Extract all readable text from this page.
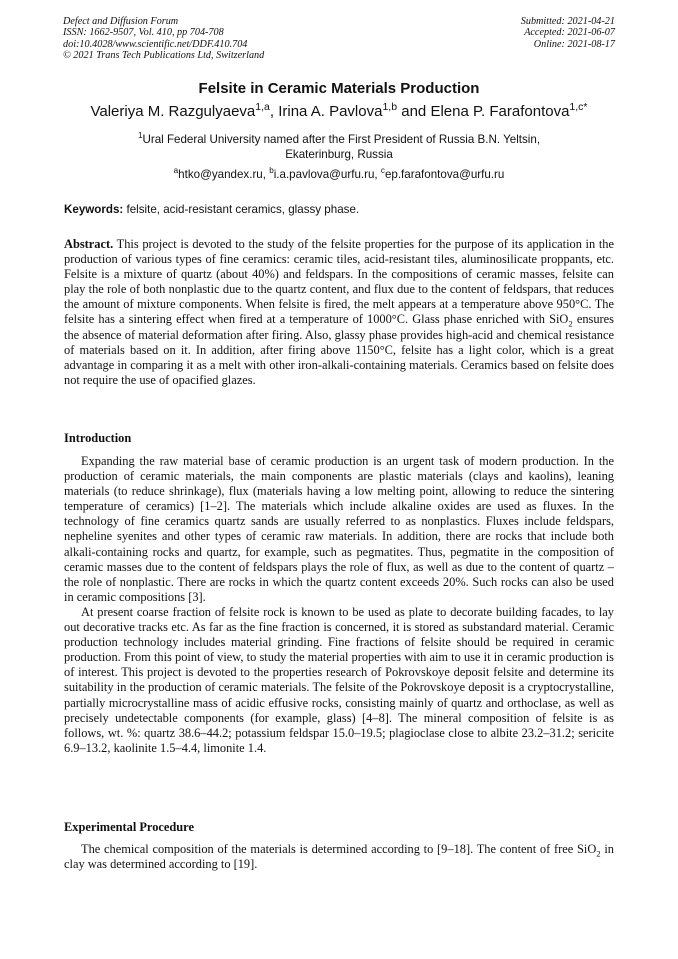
Defect and Diffusion Forum
ISSN: 1662-9507, Vol. 410, pp 704-708
doi:10.4028/www.scientific.net/DDF.410.704
© 2021 Trans Tech Publications Ltd, Switzerland
Submitted: 2021-04-21
Accepted: 2021-06-07
Online: 2021-08-17
Felsite in Ceramic Materials Production
Valeriya M. Razgulyaeva$^{1,a}$, Irina A. Pavlova$^{1,b}$ and Elena P. Farafontova$^{1,c*}$
$^1$Ural Federal University named after the First President of Russia B.N. Yeltsin,
Ekaterinburg, Russia
$^a$htko@yandex.ru, $^b$i.a.pavlova@urfu.ru, $^c$ep.farafontova@urfu.ru
Keywords: felsite, acid-resistant ceramics, glassy phase.
Abstract. This project is devoted to the study of the felsite properties for the purpose of its application in the production of various types of fine ceramics: ceramic tiles, acid-resistant tiles, aluminosilicate proppants, etc. Felsite is a mixture of quartz (about 40%) and feldspars. In the compositions of ceramic masses, felsite can play the role of both nonplastic due to the quartz content, and flux due to the content of feldspars, that reduces the amount of mixture components. When felsite is fired, the melt appears at a temperature above 950°C. The felsite has a sintering effect when fired at a temperature of 1000°C. Glass phase enriched with SiO$_2$ ensures the absence of material deformation after firing. Also, glassy phase provides high-acid and chemical resistance of materials based on it. In addition, after firing above 1150°C, felsite has a light color, which is a great advantage in comparing it as a melt with other iron-alkali-containing materials. Ceramics based on felsite does not require the use of opacified glazes.
Introduction

Expanding the raw material base of ceramic production is an urgent task of modern production. In the production of ceramic materials, the main components are plastic materials (clays and kaolins), leaning materials (to reduce shrinkage), flux (materials having a low melting point, allowing to reduce the sintering temperature of ceramics) [1–2]. The materials which include alkaline oxides are used as fluxes. In the technology of fine ceramics quartz sands are usually referred to as nonplastics. Fluxes include feldspars, nepheline syenites and other types of ceramic raw materials. In addition, there are rocks that include both alkali-containing rocks and quartz, for example, such as pegmatites. Thus, pegmatite in the composition of ceramic masses due to the content of feldspars plays the role of flux, as well as due to the content of quartz – the role of nonplastic. There are rocks in which the quartz content exceeds 20%. Such rocks can also be used in ceramic compositions [3].

At present coarse fraction of felsite rock is known to be used as plate to decorate building facades, to lay out decorative tracks etc. As far as the fine fraction is concerned, it is stored as substandard material. Ceramic production technology includes material grinding. Fine fractions of felsite should be required in ceramic production. From this point of view, to study the material properties with aim to use it in ceramic production is of interest. This project is devoted to the properties research of Pokrovskoye deposit felsite and determine its suitability in the production of ceramic materials. The felsite of the Pokrovskoye deposit is a cryptocrystalline, partially microcrystalline mass of acidic effusive rocks, consisting mainly of quartz and orthoclase, as well as precisely undetectable components (for example, glass) [4–8]. The mineral composition of felsite is as follows, wt. %: quartz 38.6–44.2; potassium feldspar 15.0–19.5; plagioclase close to albite 23.2–31.2; sericite 6.9–13.2, kaolinite 1.5–4.4, limonite 1.4.

Experimental Procedure

The chemical composition of the materials is determined according to [9–18]. The content of free SiO$_2$ in clay was determined according to [19].
